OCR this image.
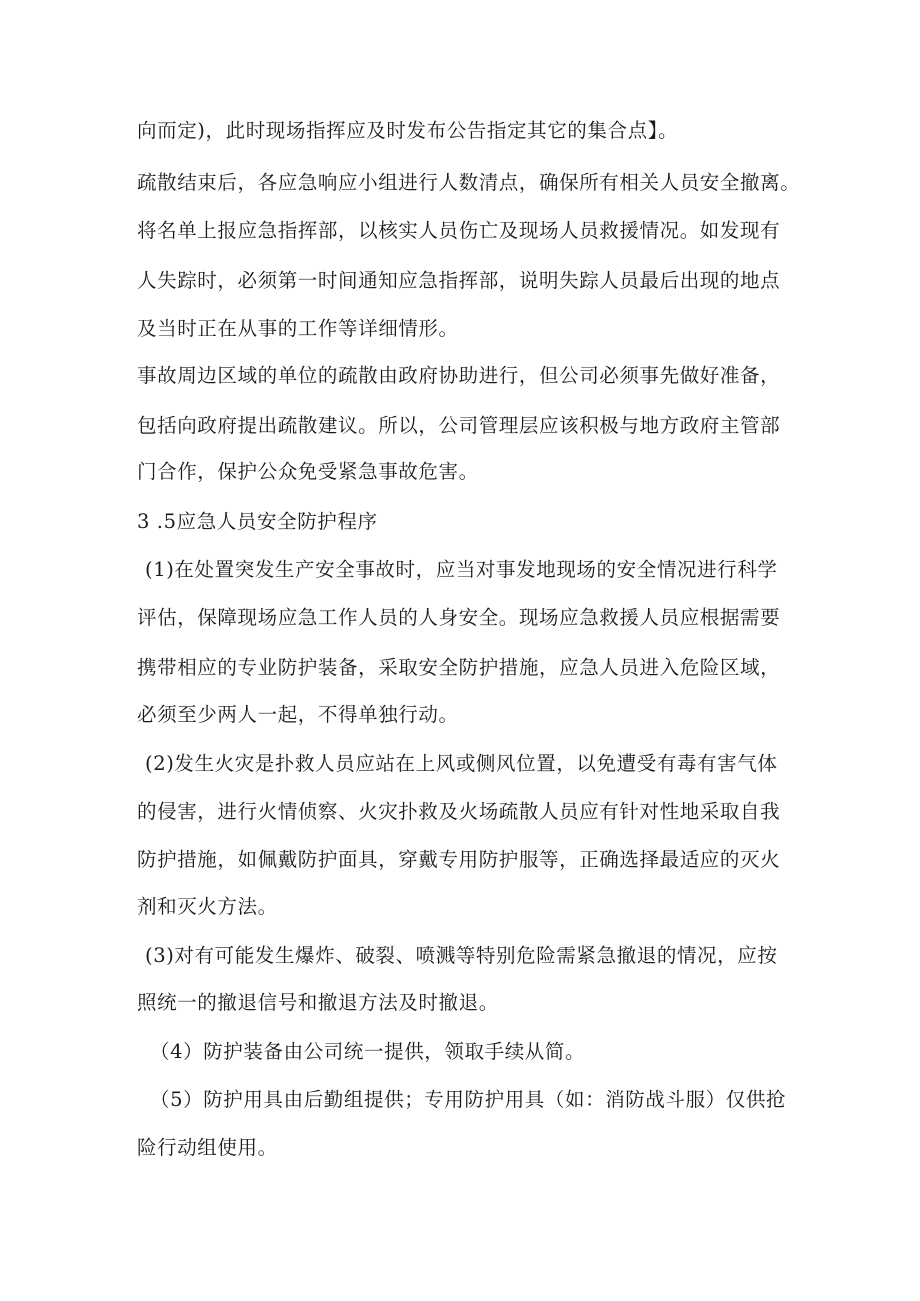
向而定)，此时现场指挥应及时发布公告指定其它的集合点】。
疏散结束后，各应急响应小组进行人数清点，确保所有相关人员安全撤离。
将名单上报应急指挥部，以核实人员伤亡及现场人员救援情况。如发现有
人失踪时，必须第一时间通知应急指挥部，说明失踪人员最后出现的地点
及当时正在从事的工作等详细情形。
事故周边区域的单位的疏散由政府协助进行，但公司必须事先做好准备，
包括向政府提出疏散建议。所以，公司管理层应该积极与地方政府主管部
门合作，保护公众免受紧急事故危害。
3 .5应急人员安全防护程序
(1)在处置突发生产安全事故时，应当对事发地现场的安全情况进行科学
评估，保障现场应急工作人员的人身安全。现场应急救援人员应根据需要
携带相应的专业防护装备，采取安全防护措施，应急人员进入危险区域，
必须至少两人一起，不得单独行动。
(2)发生火灾是扑救人员应站在上风或侧风位置，以免遭受有毒有害气体
的侵害，进行火情侦察、火灾扑救及火场疏散人员应有针对性地采取自我
防护措施，如佩戴防护面具，穿戴专用防护服等，正确选择最适应的灭火
剂和灭火方法。
(3)对有可能发生爆炸、破裂、喷溅等特别危险需紧急撤退的情况，应按
照统一的撤退信号和撤退方法及时撤退。
（4）防护装备由公司统一提供，领取手续从简。
（5）防护用具由后勤组提供；专用防护用具（如：消防战斗服）仅供抢
险行动组使用。
